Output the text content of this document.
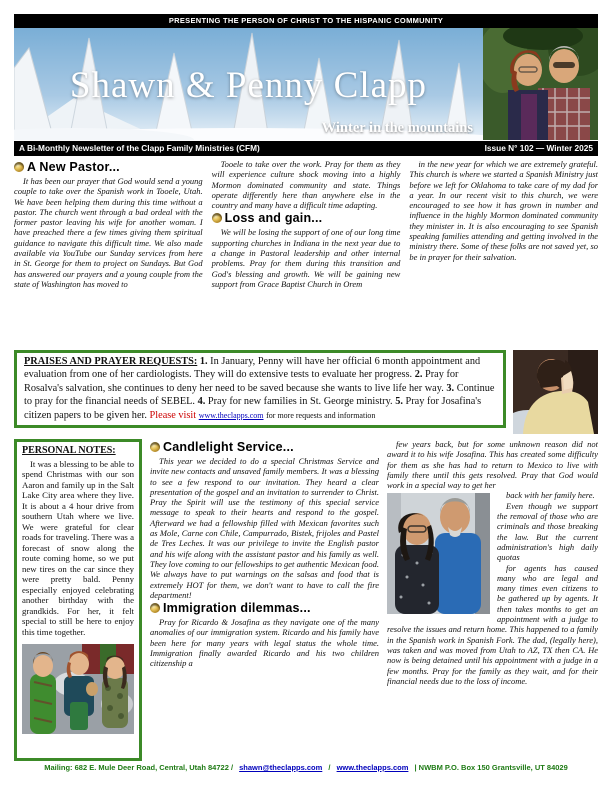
PRESENTING THE PERSON OF CHRIST TO THE HISPANIC COMMUNITY
Shawn & Penny Clapp
Winter in the mountains
A Bi-Monthly Newsletter of the Clapp Family Ministries (CFM)	Issue N° 102 — Winter 2025
A New Pastor...

It has been our prayer that God would send a young couple to take over the Spanish work in Tooele, Utah. We have been helping them during this time without a pastor. The church went through a bad ordeal with the former pastor leaving his wife for another woman. I have preached there a few times giving them spiritual guidance to navigate this difficult time. We also made available via YouTube our Sunday services from here in St. George for them to project on Sundays. But God has answered our prayers and a young couple from the state of Washington has moved to

Tooele to take over the work. Pray for them as they will experience culture shock moving into a highly Mormon dominated community and state. Things operate differently here than anywhere else in the country and many have a difficult time adapting.

Loss and gain...

We will be losing the support of one of our long time supporting churches in Indiana in the next year due to a change in Pastoral leadership and other internal problems. Pray for them during this transition and God's blessing and growth. We will be gaining new support from Grace Baptist Church in Orem

in the new year for which we are extremely grateful. This church is where we started a Spanish Ministry just before we left for Oklahoma to take care of my dad for a year. In our recent visit to this church, we were encouraged to see how it has grown in number and influence in the highly Mormon dominated community they minister in. It is also encouraging to see Spanish speaking families attending and getting involved in the ministry there. Some of these folks are not saved yet, so be in prayer for their salvation.

PRAISES AND PRAYER REQUESTS: 1. In January, Penny will have her official 6 month appointment and evaluation from one of her cardiologists. They will do extensive tests to evaluate her progress. 2. Pray for Rosalva's salvation, she continues to deny her need to be saved because she wants to live life her way. 3. Continue to pray for the financial needs of SEBEL. 4. Pray for new families in St. George ministry. 5. Pray for Josafina's citizen papers to be given her. Please visit www.theclapps.com for more requests and information

PERSONAL NOTES:

It was a blessing to be able to spend Christmas with our son Aaron and family up in the Salt Lake City area where they live. It is about a 4 hour drive from southern Utah where we live. We were grateful for clear roads for traveling. There was a forecast of snow along the route coming home, so we put new tires on the car since they were pretty bald. Penny especially enjoyed celebrating another birthday with the grandkids. For her, it felt special to still be here to enjoy this time together.

Candlelight Service...

This year we decided to do a special Christmas Service and invite new contacts and unsaved family members. It was a blessing to see a few respond to our invitation. They heard a clear presentation of the gospel and an invitation to surrender to Christ. Pray the Spirit will use the testimony of this special service message to speak to their hearts and respond to the gospel. Afterward we had a fellowship filled with Mexican favorites such as Mole, Carne con Chile, Campurrado, Bistek, frijoles and Pastel de Tres Leches. It was our privilege to invite the English pastor and his wife along with the assistant pastor and his family as well. They love coming to our fellowships to get authentic Mexican food. We always have to put warnings on the salsas and food that is extremely HOT for them, we don't want to have to call the fire department!

Immigration dilemmas...

Pray for Ricardo & Josafina as they navigate one of the many anomalies of our immigration system. Ricardo and his family have been here for many years with legal status the whole time. Immigration finally awarded Ricardo and his two children citizenship a

few years back, but for some unknown reason did not award it to his wife Josafina. This has created some difficulty for them as she has had to return to Mexico to live with family there until this gets resolved. Pray that God would work in a special way to get her

back with her family here.

Even though we support the removal of those who are criminals and those breaking the law. But the current administration's high daily quotas

for agents has caused many who are legal and many times even citizens to be gathered up by agents. It then takes months to get an appointment with a judge to resolve the issues and return home. This happened to a family in the Spanish work in Spanish Fork. The dad, (legally here), was taken and was moved from Utah to AZ, TX then CA. He now is being detained until his appointment with a judge in a few months. Pray for the family as they wait, and for their financial needs due to the loss of income.

Mailing: 682 E. Mule Deer Road, Central, Utah 84722 / shawn@theclapps.com / www.theclapps.com | NWBM P.O. Box 150 Grantsville, UT 84029
